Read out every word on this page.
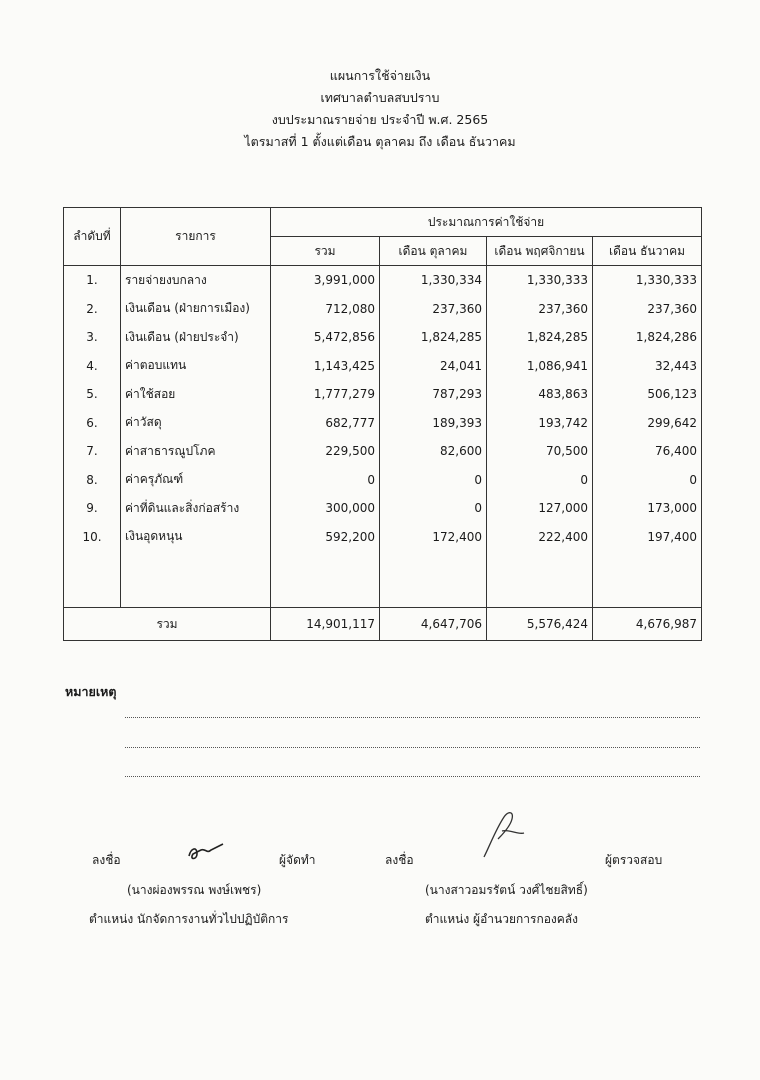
แผนการใช้จ่ายเงิน
เทศบาลตำบลสบปราบ
งบประมาณรายจ่าย ประจำปี พ.ศ. 2565
ไตรมาสที่ 1 ตั้งแต่เดือน ตุลาคม ถึง เดือน ธันวาคม
ลำดับที่	รายการ	ประมาณการค่าใช้จ่าย			
		รวม	เดือน ตุลาคม	เดือน พฤศจิกายน	เดือน ธันวาคม
1.	รายจ่ายงบกลาง	3,991,000	1,330,334	1,330,333	1,330,333
2.	เงินเดือน (ฝ่ายการเมือง)	712,080	237,360	237,360	237,360
3.	เงินเดือน (ฝ่ายประจำ)	5,472,856	1,824,285	1,824,285	1,824,286
4.	ค่าตอบแทน	1,143,425	24,041	1,086,941	32,443
5.	ค่าใช้สอย	1,777,279	787,293	483,863	506,123
6.	ค่าวัสดุ	682,777	189,393	193,742	299,642
7.	ค่าสาธารณูปโภค	229,500	82,600	70,500	76,400
8.	ค่าครุภัณฑ์	0	0	0	0
9.	ค่าที่ดินและสิ่งก่อสร้าง	300,000	0	127,000	173,000
10.	เงินอุดหนุน	592,200	172,400	222,400	197,400

รวม		14,901,117	4,647,706	5,576,424	4,676,987
หมายเหตุ
ลงชื่อ	ผู้จัดทำ
(นางผ่องพรรณ พงษ์เพชร)
ตำแหน่ง นักจัดการงานทั่วไปปฏิบัติการ
ลงชื่อ	ผู้ตรวจสอบ
(นางสาวอมรรัตน์ วงศ์ไชยสิทธิ์)
ตำแหน่ง ผู้อำนวยการกองคลัง
